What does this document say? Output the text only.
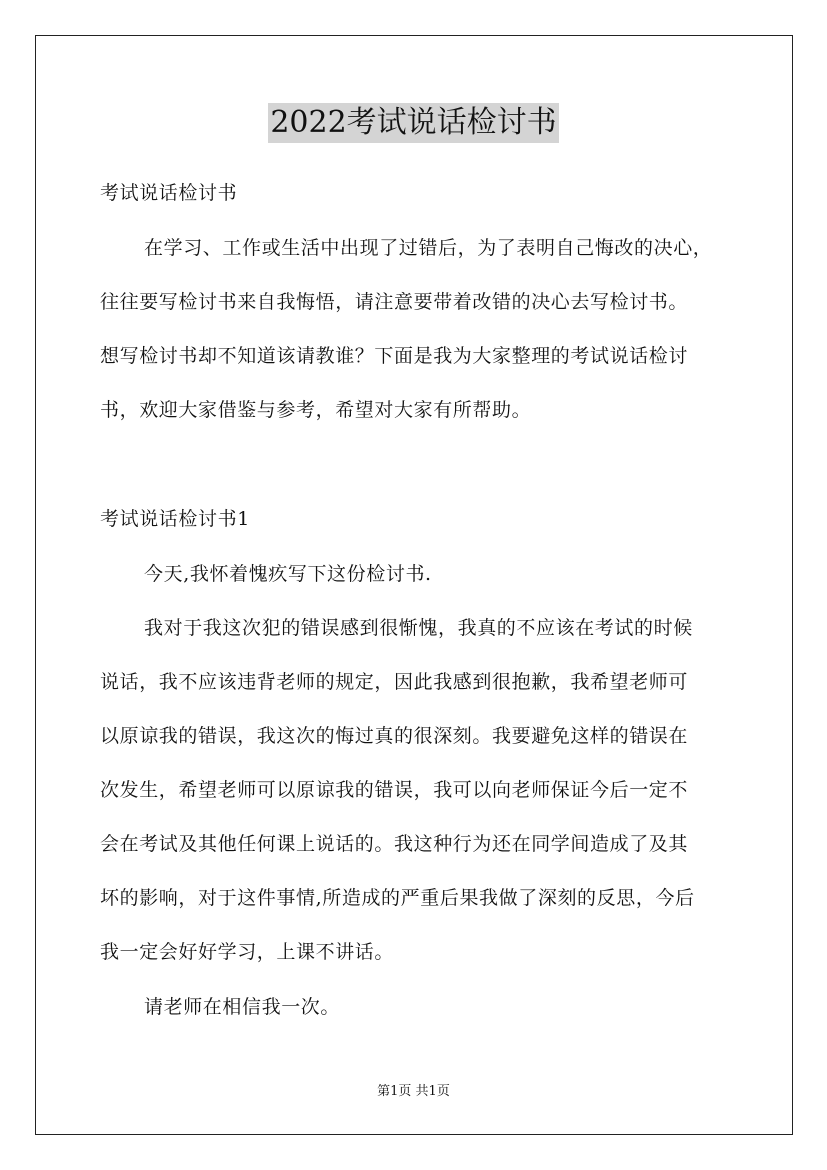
2022考试说话检讨书
考试说话检讨书
在学习、工作或生活中出现了过错后，为了表明自己悔改的决心，
往往要写检讨书来自我悔悟，请注意要带着改错的决心去写检讨书。
想写检讨书却不知道该请教谁？下面是我为大家整理的考试说话检讨
书，欢迎大家借鉴与参考，希望对大家有所帮助。
考试说话检讨书1
今天,我怀着愧疚写下这份检讨书.
我对于我这次犯的错误感到很惭愧，我真的不应该在考试的时候
说话，我不应该违背老师的规定，因此我感到很抱歉，我希望老师可
以原谅我的错误，我这次的悔过真的很深刻。我要避免这样的错误在
次发生，希望老师可以原谅我的错误，我可以向老师保证今后一定不
会在考试及其他任何课上说话的。我这种行为还在同学间造成了及其
坏的影响，对于这件事情,所造成的严重后果我做了深刻的反思，今后
我一定会好好学习，上课不讲话。
请老师在相信我一次。
第1页 共1页
